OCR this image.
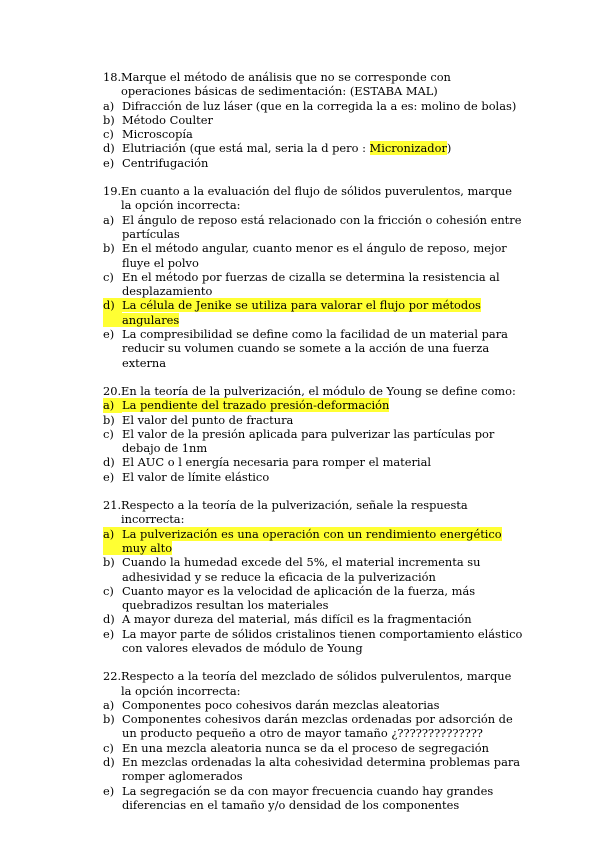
18. Marque el método de análisis que no se corresponde con operaciones básicas de sedimentación: (ESTABA MAL)
a) Difracción de luz láser (que en la corregida la a es: molino de bolas)
b) Método Coulter
c) Microscopía
d) Elutriación (que está mal, seria la d pero : Micronizador)
e) Centrifugación
19. En cuanto a la evaluación del flujo de sólidos puverulentos, marque la opción incorrecta:
a) El ángulo de reposo está relacionado con la fricción o cohesión entre partículas
b) En el método angular, cuanto menor es el ángulo de reposo, mejor fluye el polvo
c) En el método por fuerzas de cizalla se determina la resistencia al desplazamiento
d) La célula de Jenike se utiliza para valorar el flujo por métodos angulares
e) La compresibilidad se define como la facilidad de un material para reducir su volumen cuando se somete a la acción de una fuerza externa
20. En la teoría de la pulverización, el módulo de Young se define como:
a) La pendiente del trazado presión-deformación
b) El valor del punto de fractura
c) El valor de la presión aplicada para pulverizar las partículas por debajo de 1nm
d) El AUC o l energía necesaria para romper el material
e) El valor de límite elástico
21. Respecto a la teoría de la pulverización, señale la respuesta incorrecta:
a) La pulverización es una operación con un rendimiento energético muy alto
b) Cuando la humedad excede del 5%, el material incrementa su adhesividad y se reduce la eficacia de la pulverización
c) Cuanto mayor es la velocidad de aplicación de la fuerza, más quebradizos resultan los materiales
d) A mayor dureza del material, más difícil es la fragmentación
e) La mayor parte de sólidos cristalinos tienen comportamiento elástico con valores elevados de módulo de Young
22. Respecto a la teoría del mezclado de sólidos pulverulentos, marque la opción incorrecta:
a) Componentes poco cohesivos darán mezclas aleatorias
b) Componentes cohesivos darán mezclas ordenadas por adsorción de un producto pequeño a otro de mayor tamaño ¿??????????????
c) En una mezcla aleatoria nunca se da el proceso de segregación
d) En mezclas ordenadas la alta cohesividad determina problemas para romper aglomerados
e) La segregación se da con mayor frecuencia cuando hay grandes diferencias en el tamaño y/o densidad de los componentes
